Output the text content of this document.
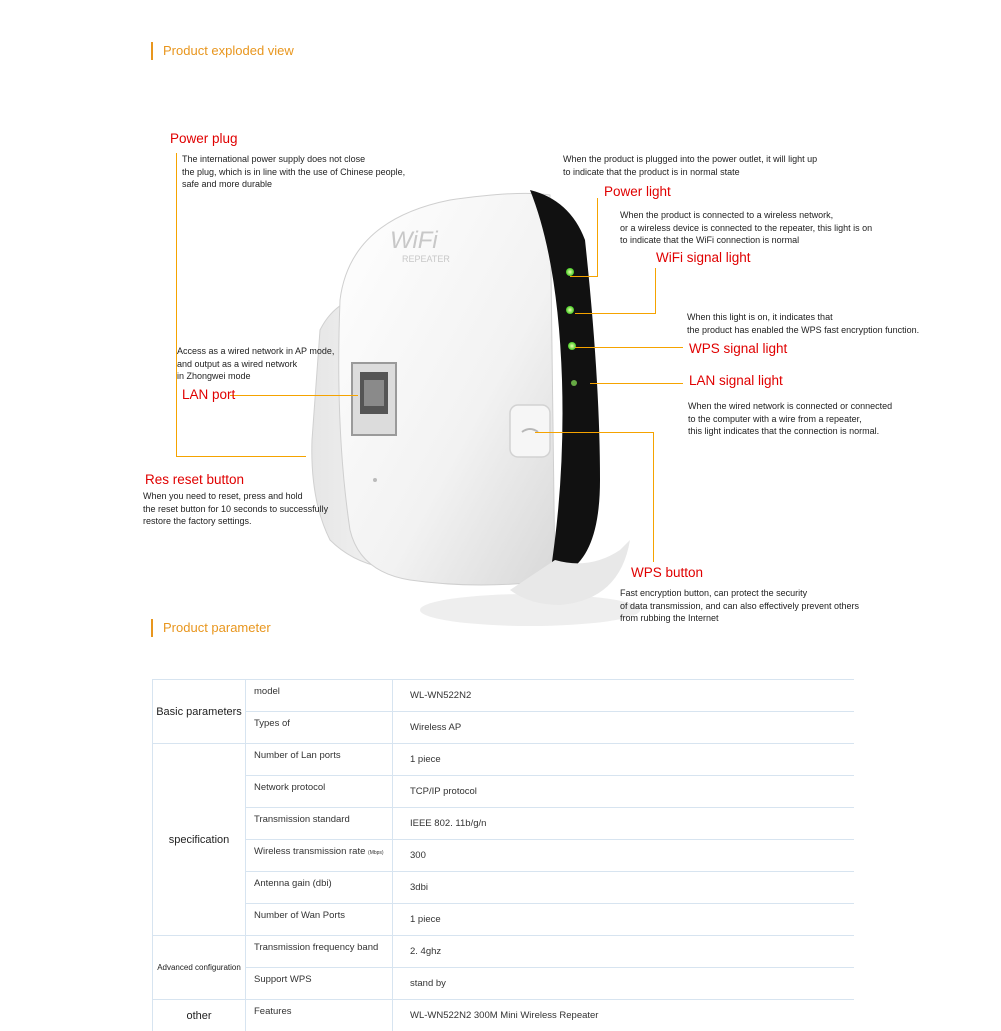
Product exploded view
WiFi
REPEATER
Power plug
The international power supply does not close
the plug, which is in line with the use of Chinese people,
safe and more durable
When the product is plugged into the power outlet, it will light up
to indicate that the product is in normal state
Power light
When the product is connected to a wireless network,
or a wireless device is connected to the repeater, this light is on
to indicate that the WiFi connection is normal
WiFi signal light
When this light is on, it indicates that
the product has enabled the WPS fast encryption function.
WPS signal light
Access as a wired network in AP mode,
and output as a wired network
in Zhongwei mode
LAN port
LAN signal light
When the wired network is connected or connected
to the computer with a wire from a repeater,
this light indicates that the connection is normal.
Res reset button
When you need to reset, press and hold
the reset button for 10 seconds to successfully
restore the factory settings.
WPS button
Fast encryption button, can protect the security
of data transmission, and can also effectively prevent others
from rubbing the Internet
Product parameter
Basic parameters	model	WL-WN522N2
	Types of	Wireless AP
specification	Number of Lan ports	1 piece
	Network protocol	TCP/IP protocol
	Transmission standard	IEEE 802. 11b/g/n
	Wireless transmission rate (Mbps)	300
	Antenna gain (dbi)	3dbi
	Number of Wan Ports	1 piece
Advanced configuration	Transmission frequency band	2. 4ghz
	Support WPS	stand by
other	Features	WL-WN522N2 300M Mini Wireless Repeater
